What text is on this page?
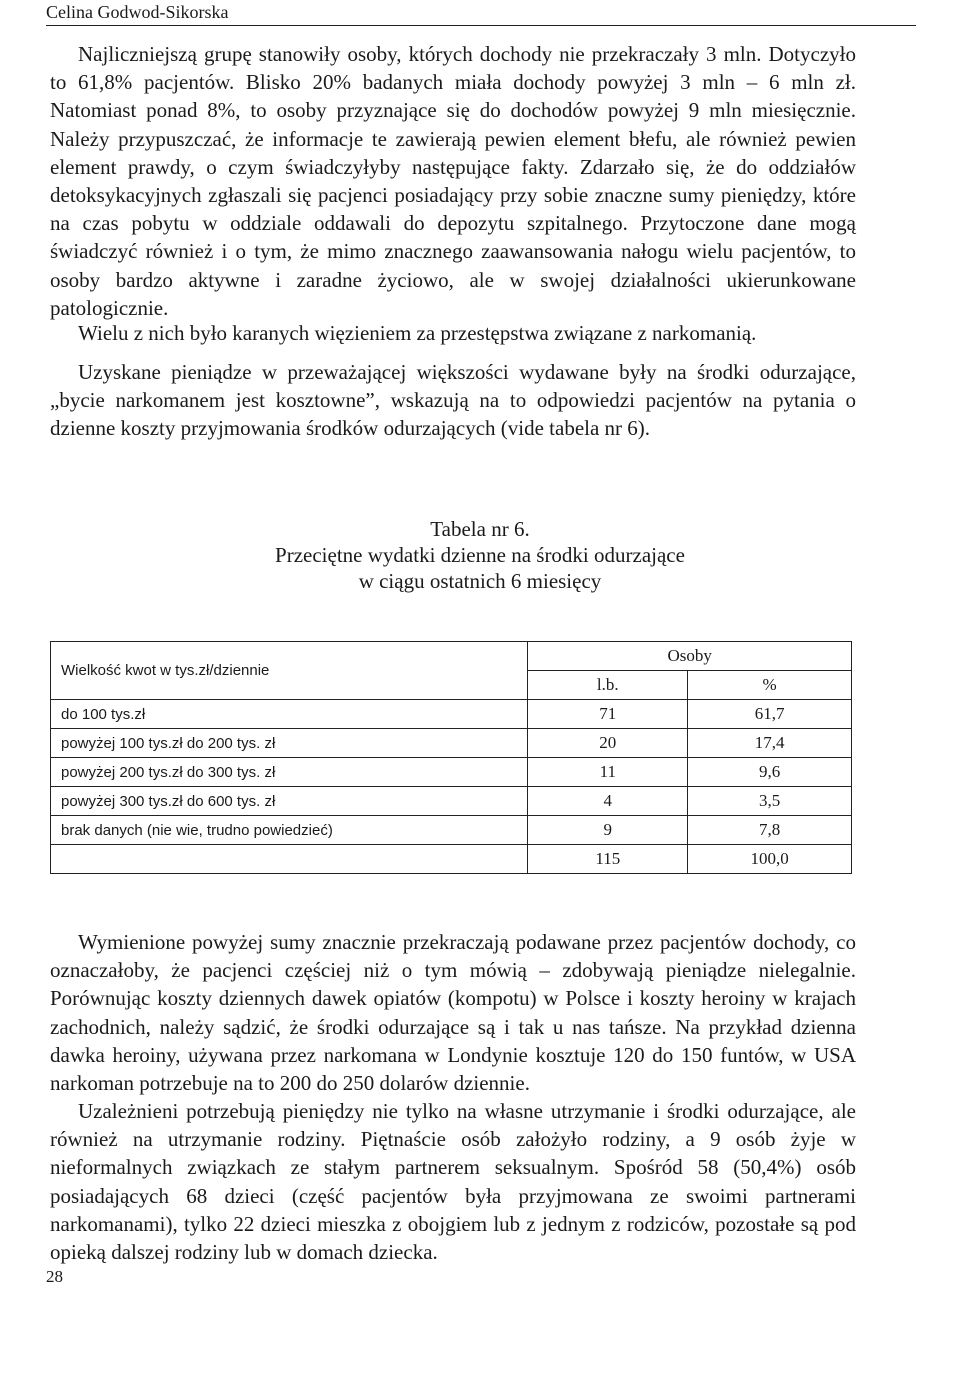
Celina Godwod-Sikorska

Najliczniejszą grupę stanowiły osoby, których dochody nie przekraczały 3 mln. Dotyczyło to 61,8% pacjentów. Blisko 20% badanych miała dochody powyżej 3 mln – 6 mln zł. Natomiast ponad 8%, to osoby przyznające się do dochodów powyżej 9 mln miesięcznie. Należy przypuszczać, że informacje te zawierają pewien element błefu, ale również pewien element prawdy, o czym świadczyłyby następujące fakty. Zdarzało się, że do oddziałów detoksykacyjnych zgłaszali się pacjenci posiadający przy sobie znaczne sumy pieniędzy, które na czas pobytu w oddziale oddawali do depozytu szpitalnego. Przytoczone dane mogą świadczyć również i o tym, że mimo znacznego zaawansowania nałogu wielu pacjentów, to osoby bardzo aktywne i zaradne życiowo, ale w swojej działalności ukierunkowane patologicznie.

Wielu z nich było karanych więzieniem za przestępstwa związane z narkomanią.

Uzyskane pieniądze w przeważającej większości wydawane były na środki odurzające, „bycie narkomanem jest kosztowne”, wskazują na to odpowiedzi pacjentów na pytania o dzienne koszty przyjmowania środków odurzających (vide tabela nr 6).

Tabela nr 6.
Przeciętne wydatki dzienne na środki odurzające
w ciągu ostatnich 6 miesięcy
Wielkość kwot w tys.zł/dziennie	Osoby	
	l.b.	%
do 100 tys.zł	71	61,7
powyżej 100 tys.zł do 200 tys. zł	20	17,4
powyżej 200 tys.zł do 300 tys. zł	11	9,6
powyżej 300 tys.zł do 600 tys. zł	4	3,5
brak danych (nie wie, trudno powiedzieć)	9	7,8
	115	100,0

Wymienione powyżej sumy znacznie przekraczają podawane przez pacjentów dochody, co oznaczałoby, że pacjenci częściej niż o tym mówią – zdobywają pieniądze nielegalnie. Porównując koszty dziennych dawek opiatów (kompotu) w Polsce i koszty heroiny w krajach zachodnich, należy sądzić, że środki odurzające są i tak u nas tańsze. Na przykład dzienna dawka heroiny, używana przez narkomana w Londynie kosztuje 120 do 150 funtów, w USA narkoman potrzebuje na to 200 do 250 dolarów dziennie.

Uzależnieni potrzebują pieniędzy nie tylko na własne utrzymanie i środki odurzające, ale również na utrzymanie rodziny. Piętnaście osób założyło rodziny, a 9 osób żyje w nieformalnych związkach ze stałym partnerem seksualnym. Spośród 58 (50,4%) osób posiadających 68 dzieci (część pacjentów była przyjmowana ze swoimi partnerami narkomanami), tylko 22 dzieci mieszka z obojgiem lub z jednym z rodziców, pozostałe są pod opieką dalszej rodziny lub w domach dziecka.

28
